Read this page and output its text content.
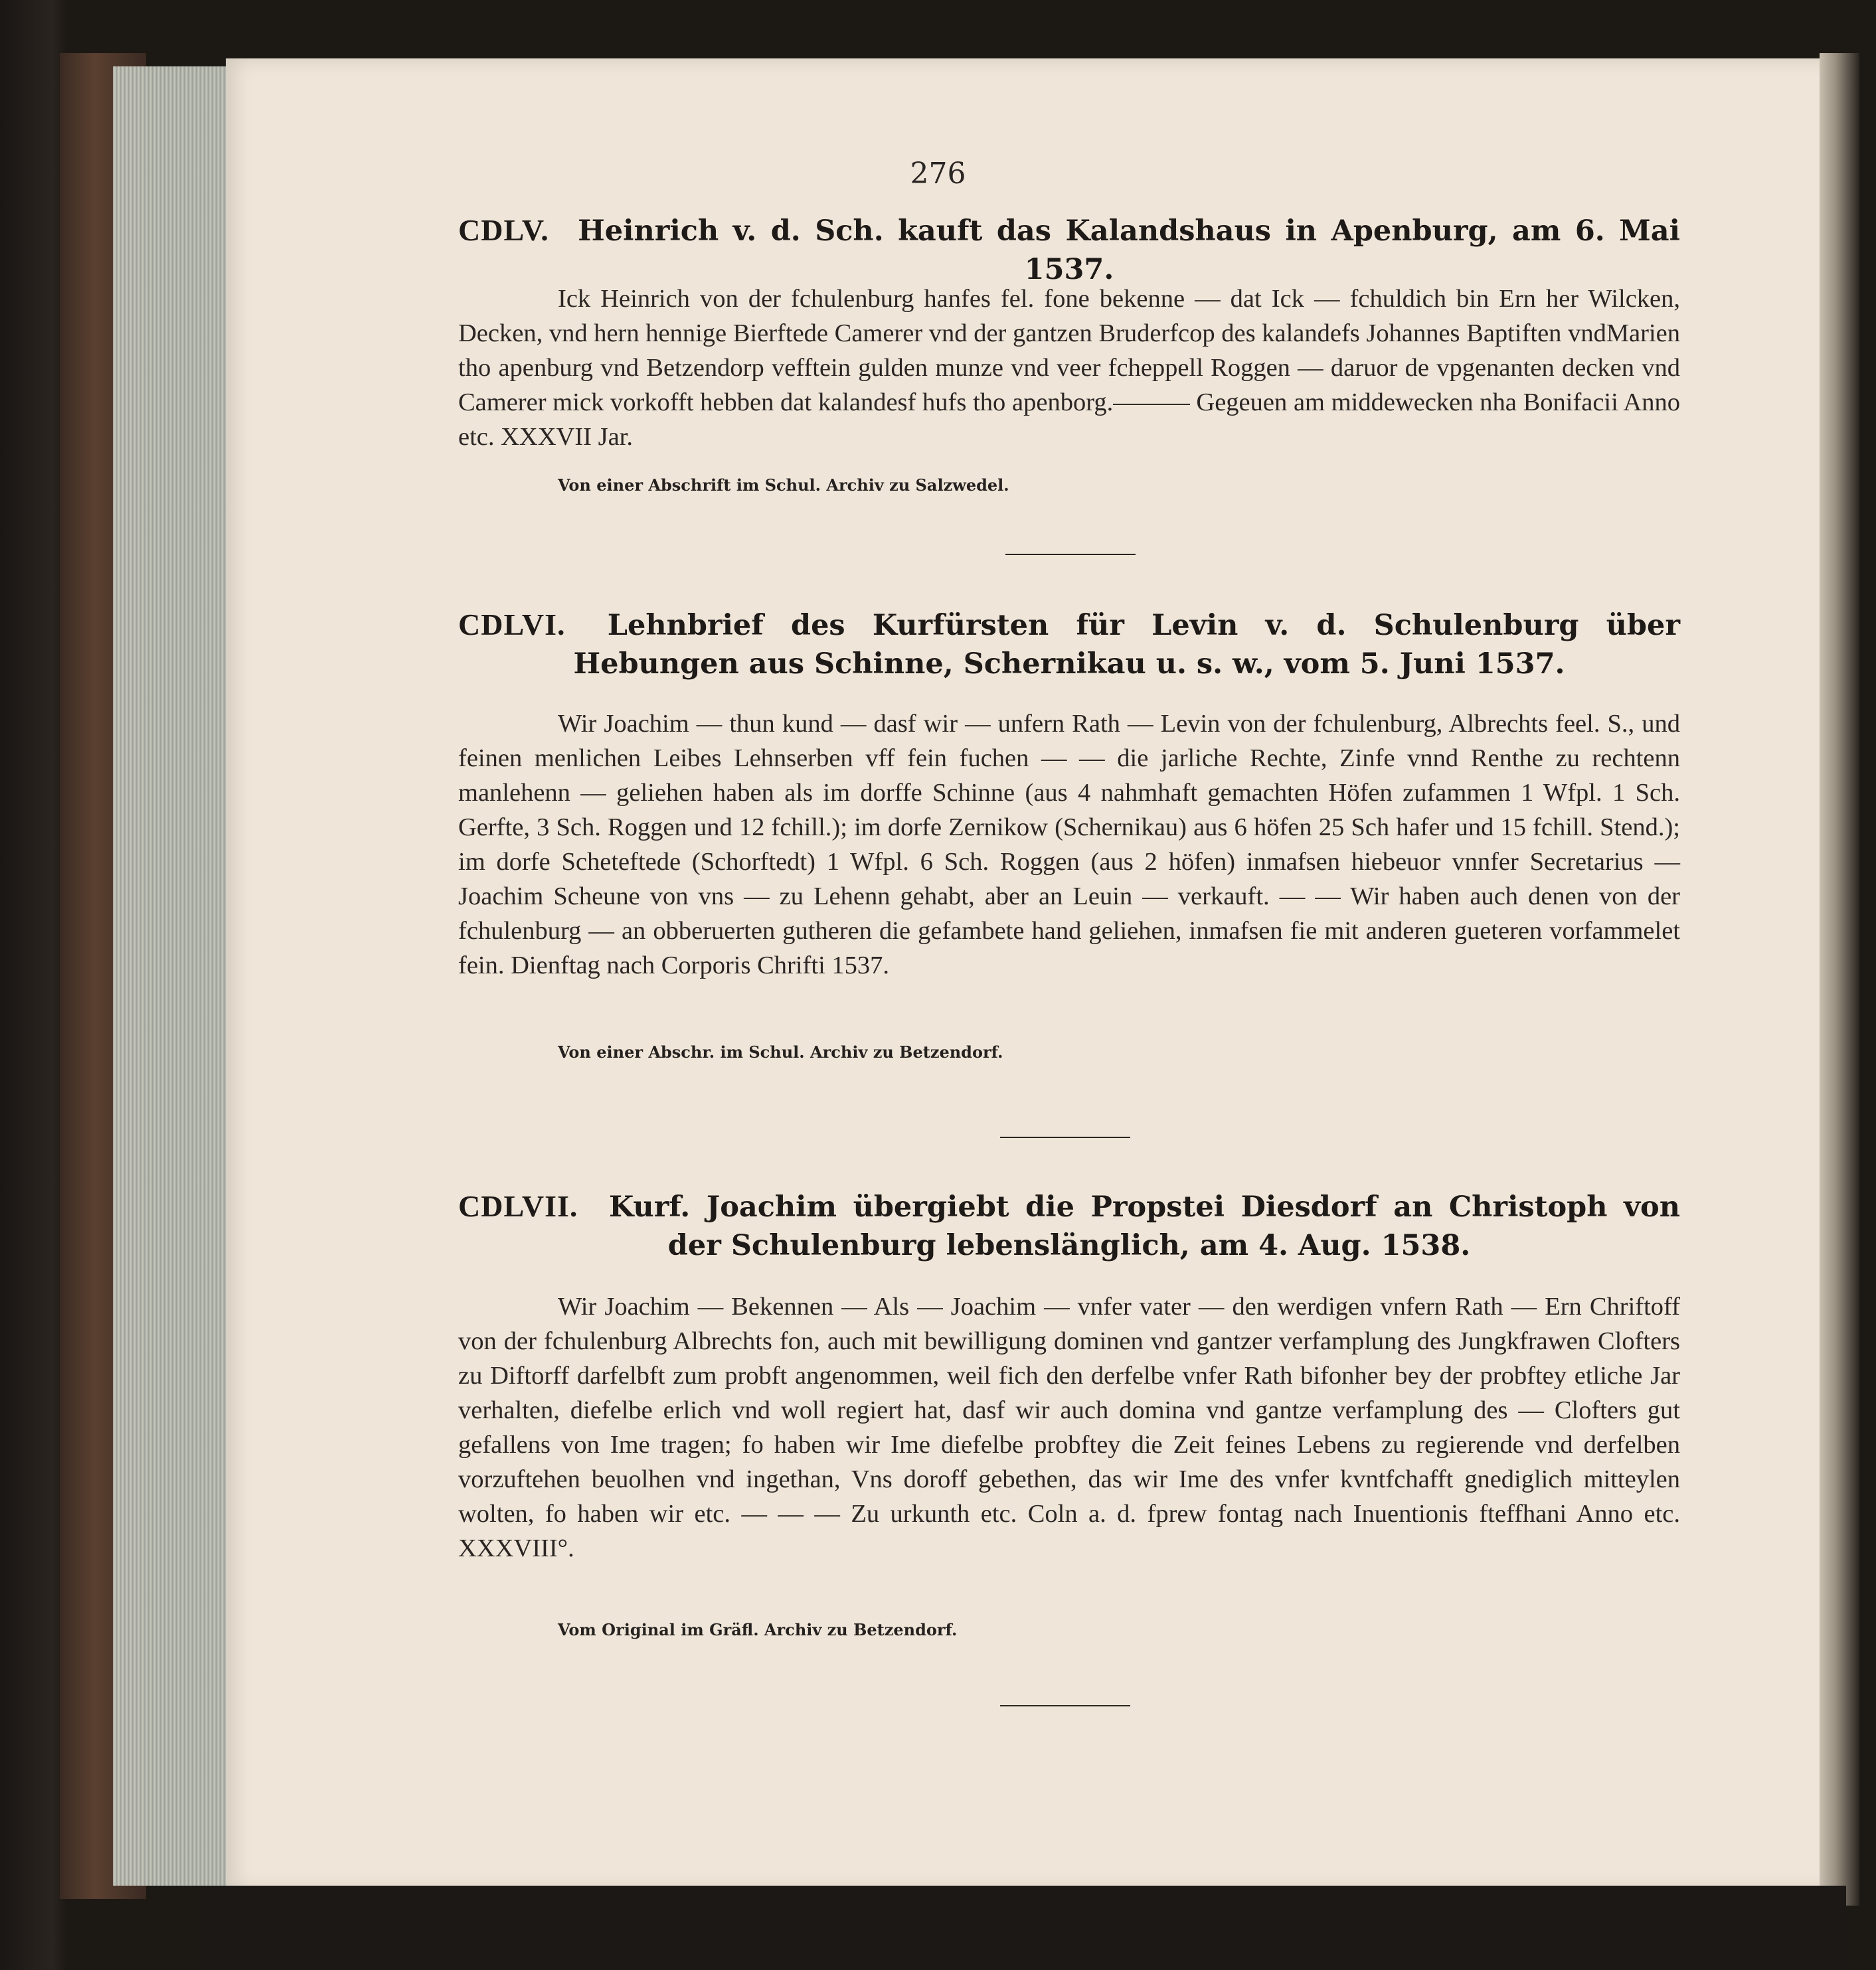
276
CDLV. Heinrich v. d. Sch. kauft das Kalandshaus in Apenburg, am 6. Mai 1537.

Ick Heinrich von der fchulenburg hanfes fel. fone bekenne — dat Ick — fchuldich bin Ern her Wilcken, Decken, vnd hern hennige Bierftede Camerer vnd der gantzen Bruderfcop des kalandefs Johannes Baptiften vndMarien tho apenburg vnd Betzendorp vefftein gulden munze vnd veer fcheppell Roggen — daruor de vpgenanten decken vnd Camerer mick vorkofft hebben dat kalandesf hufs tho apenborg.——— Gegeuen am middewecken nha Bonifacii Anno etc. XXXVII Jar.

Von einer Abschrift im Schul. Archiv zu Salzwedel.
CDLVI. Lehnbrief des Kurfürsten für Levin v. d. Schulenburg über Hebungen aus Schinne, Schernikau u. s. w., vom 5. Juni 1537.

Wir Joachim — thun kund — dasf wir — unfern Rath — Levin von der fchulenburg, Albrechts feel. S., und feinen menlichen Leibes Lehnserben vff fein fuchen — — die jarliche Rechte, Zinfe vnnd Renthe zu rechtenn manlehenn — geliehen haben als im dorffe Schinne (aus 4 nahmhaft gemachten Höfen zufammen 1 Wfpl. 1 Sch. Gerfte, 3 Sch. Roggen und 12 fchill.); im dorfe Zernikow (Schernikau) aus 6 höfen 25 Sch hafer und 15 fchill. Stend.); im dorfe Scheteftede (Schorftedt) 1 Wfpl. 6 Sch. Roggen (aus 2 höfen) inmafsen hiebeuor vnnfer Secretarius — Joachim Scheune von vns — zu Lehenn gehabt, aber an Leuin — verkauft. — — Wir haben auch denen von der fchulenburg — an obberuerten gutheren die gefambete hand geliehen, inmafsen fie mit anderen gueteren vorfammelet fein. Dienftag nach Corporis Chrifti 1537.

Von einer Abschr. im Schul. Archiv zu Betzendorf.
CDLVII. Kurf. Joachim übergiebt die Propstei Diesdorf an Christoph von der Schulenburg lebenslänglich, am 4. Aug. 1538.

Wir Joachim — Bekennen — Als — Joachim — vnfer vater — den werdigen vnfern Rath — Ern Chriftoff von der fchulenburg Albrechts fon, auch mit bewilligung dominen vnd gantzer verfamplung des Jungkfrawen Clofters zu Diftorff darfelbft zum probft angenommen, weil fich den derfelbe vnfer Rath bifonher bey der probftey etliche Jar verhalten, diefelbe erlich vnd woll regiert hat, dasf wir auch domina vnd gantze verfamplung des — Clofters gut gefallens von Ime tragen; fo haben wir Ime diefelbe probftey die Zeit feines Lebens zu regierende vnd derfelben vorzuftehen beuolhen vnd ingethan, Vns doroff gebethen, das wir Ime des vnfer kvntfchafft gnediglich mitteylen wolten, fo haben wir etc. — — — Zu urkunth etc. Coln a. d. fprew fontag nach Inuentionis fteffhani Anno etc. XXXVIII°.

Vom Original im Gräfl. Archiv zu Betzendorf.
